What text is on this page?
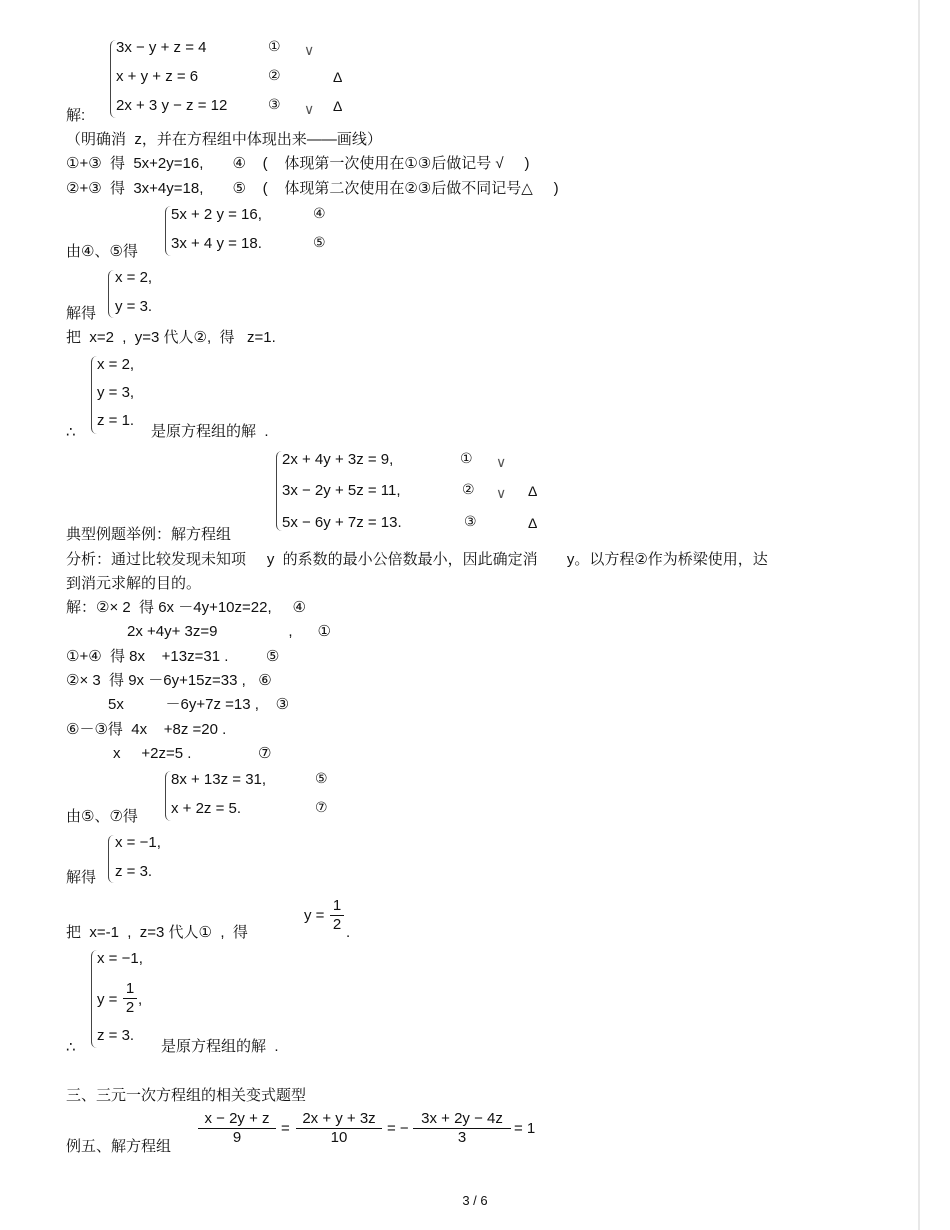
3x − y + z = 4	① ∨
x + y + z = 6	②	Δ
解:
2x + 3 y − z = 12	③ ∨ Δ
（明确消  z，并在方程组中体现出来——画线）
①+③  得  5x+2y=16,       ④    (    体现第一次使用在①③后做记号 √     )
②+③  得  3x+4y=18,       ⑤    (    体现第二次使用在②③后做不同记号△     )
5x + 2 y = 16,	④
3x + 4 y = 18.	⑤
由④、⑤得
x = 2,
y = 3.
解得
把  x=2  ,  y=3 代人②,  得   z=1.
x = 2,
y = 3,
z = 1.
∴	是原方程组的解  .
2x + 4y + 3z = 9,	① ∨
3x − 2y + 5z = 11,	② ∨ Δ
5x − 6y + 7z = 13.	③	Δ
典型例题举例：解方程组
分析：通过比较发现未知项     y  的系数的最小公倍数最小，因此确定消       y。以方程②作为桥梁使用，达
到消元求解的目的。
解：②× 2  得 6x －4y+10z=22,     ④
2x +4y+ 3z=9                 ,      ①
①+④  得 8x    +13z=31 .         ⑤
②× 3  得 9x －6y+15z=33 ,   ⑥
5x          －6y+7z =13 ,    ③
⑥－③得  4x    +8z =20 .
x     +2z=5 .                ⑦
8x + 13z = 31,	⑤
x + 2z = 5.	⑦
由⑤、⑦得
x = −1,
z = 3.
解得
把  x=-1  ,  z=3 代人①  ,  得
y =
1
2 .
x = −1,
y =
1
2 ,
z = 3.
∴	是原方程组的解  .
三、三元一次方程组的相关变式题型
例五、解方程组
x − 2y + z
9
=
2x + y + 3z
10
= −
3x + 2y − 4z
3
= 1
3 / 6
